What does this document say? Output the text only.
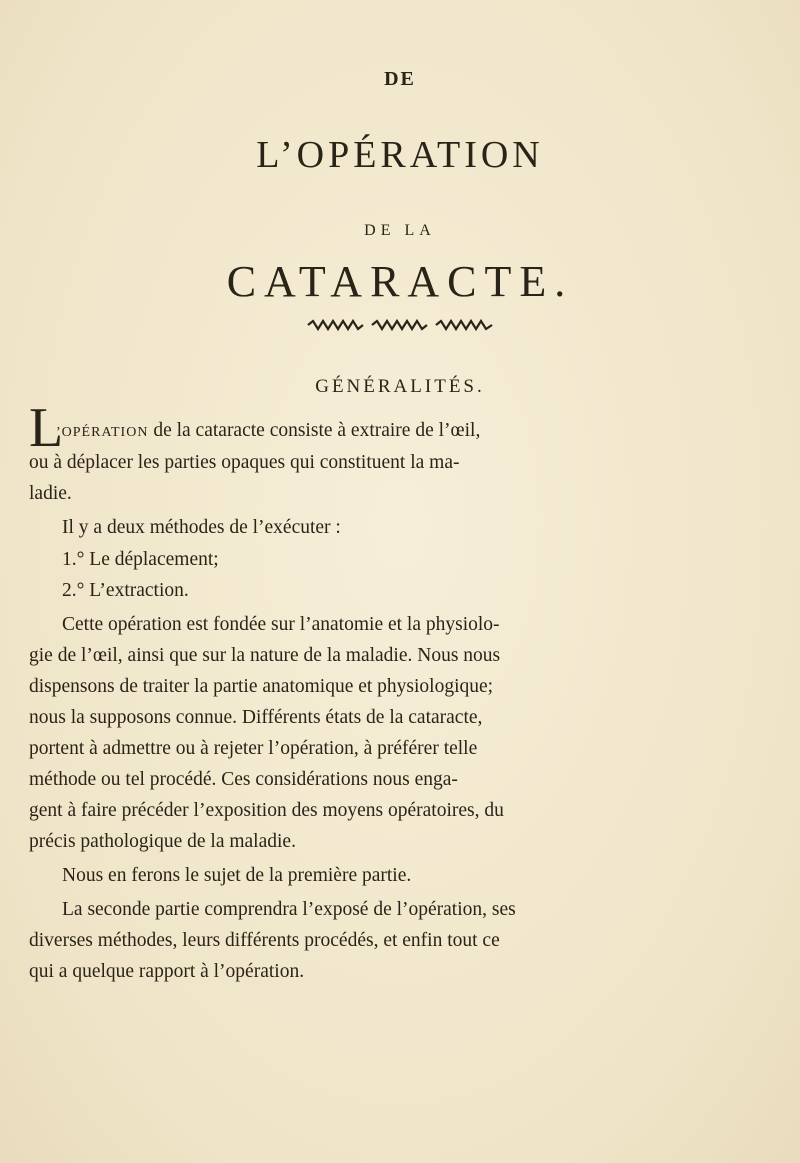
DE
L’OPÉRATION
DE LA
CATARACTE.
GÉNÉRALITÉS.
L
’OPÉRATION de la cataracte consiste à extraire de l’œil,
ou à déplacer les parties opaques qui constituent la ma-
ladie.
Il y a deux méthodes de l’exécuter :
1.° Le déplacement;
2.° L’extraction.
Cette opération est fondée sur l’anatomie et la physiolo-
gie de l’œil, ainsi que sur la nature de la maladie. Nous nous
dispensons de traiter la partie anatomique et physiologique;
nous la supposons connue. Différents états de la cataracte,
portent à admettre ou à rejeter l’opération, à préférer telle
méthode ou tel procédé. Ces considérations nous enga-
gent à faire précéder l’exposition des moyens opératoires, du
précis pathologique de la maladie.
Nous en ferons le sujet de la première partie.
La seconde partie comprendra l’exposé de l’opération, ses
diverses méthodes, leurs différents procédés, et enfin tout ce
qui a quelque rapport à l’opération.
